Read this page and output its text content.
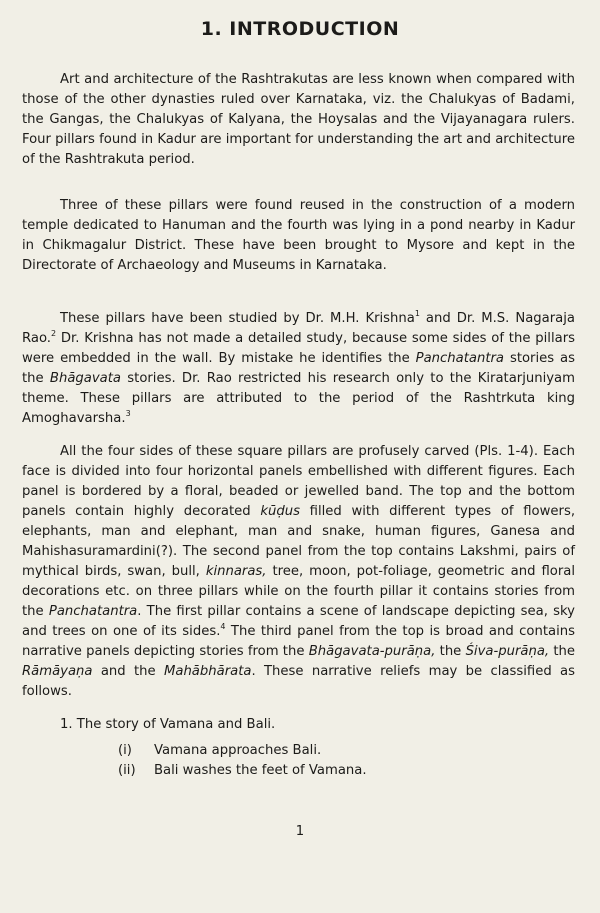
1. INTRODUCTION

Art and architecture of the Rashtrakutas are less known when compared with those of the other dynasties ruled over Karnataka, viz. the Chalukyas of Badami, the Gangas, the Chalukyas of Kalyana, the Hoysalas and the Vijayanagara rulers. Four pillars found in Kadur are important for understanding the art and architecture of the Rashtrakuta period.

Three of these pillars were found reused in the construction of a modern temple dedicated to Hanuman and the fourth was lying in a pond nearby in Kadur in Chikmagalur District. These have been brought to Mysore and kept in the Directorate of Archaeology and Museums in Karnataka.

These pillars have been studied by Dr. M.H. Krishna$^1$ and Dr. M.S. Nagaraja Rao.$^2$ Dr. Krishna has not made a detailed study, because some sides of the pillars were embedded in the wall. By mistake he identifies the Panchatantra stories as the Bhāgavata stories. Dr. Rao restricted his research only to the Kiratarjuniyam theme. These pillars are attributed to the period of the Rashtrkuta king Amoghavarsha.$^3$

All the four sides of these square pillars are profusely carved (Pls. 1-4). Each face is divided into four horizontal panels embellished with different figures. Each panel is bordered by a floral, beaded or jewelled band. The top and the bottom panels contain highly decorated kūḍus filled with different types of flowers, elephants, man and elephant, man and snake, human figures, Ganesa and Mahishasuramardini(?). The second panel from the top contains Lakshmi, pairs of mythical birds, swan, bull, kinnaras, tree, moon, pot-foliage, geometric and floral decorations etc. on three pillars while on the fourth pillar it contains stories from the Panchatantra. The first pillar contains a scene of landscape depicting sea, sky and trees on one of its sides.$^4$ The third panel from the top is broad and contains narrative panels depicting stories from the Bhāgavata-purāṇa, the Śiva-purāṇa, the Rāmāyaṇa and the Mahābhārata. These narrative reliefs may be classified as follows.

1. The story of Vamana and Bali.
(i) Vamana approaches Bali.
(ii) Bali washes the feet of Vamana.
1
